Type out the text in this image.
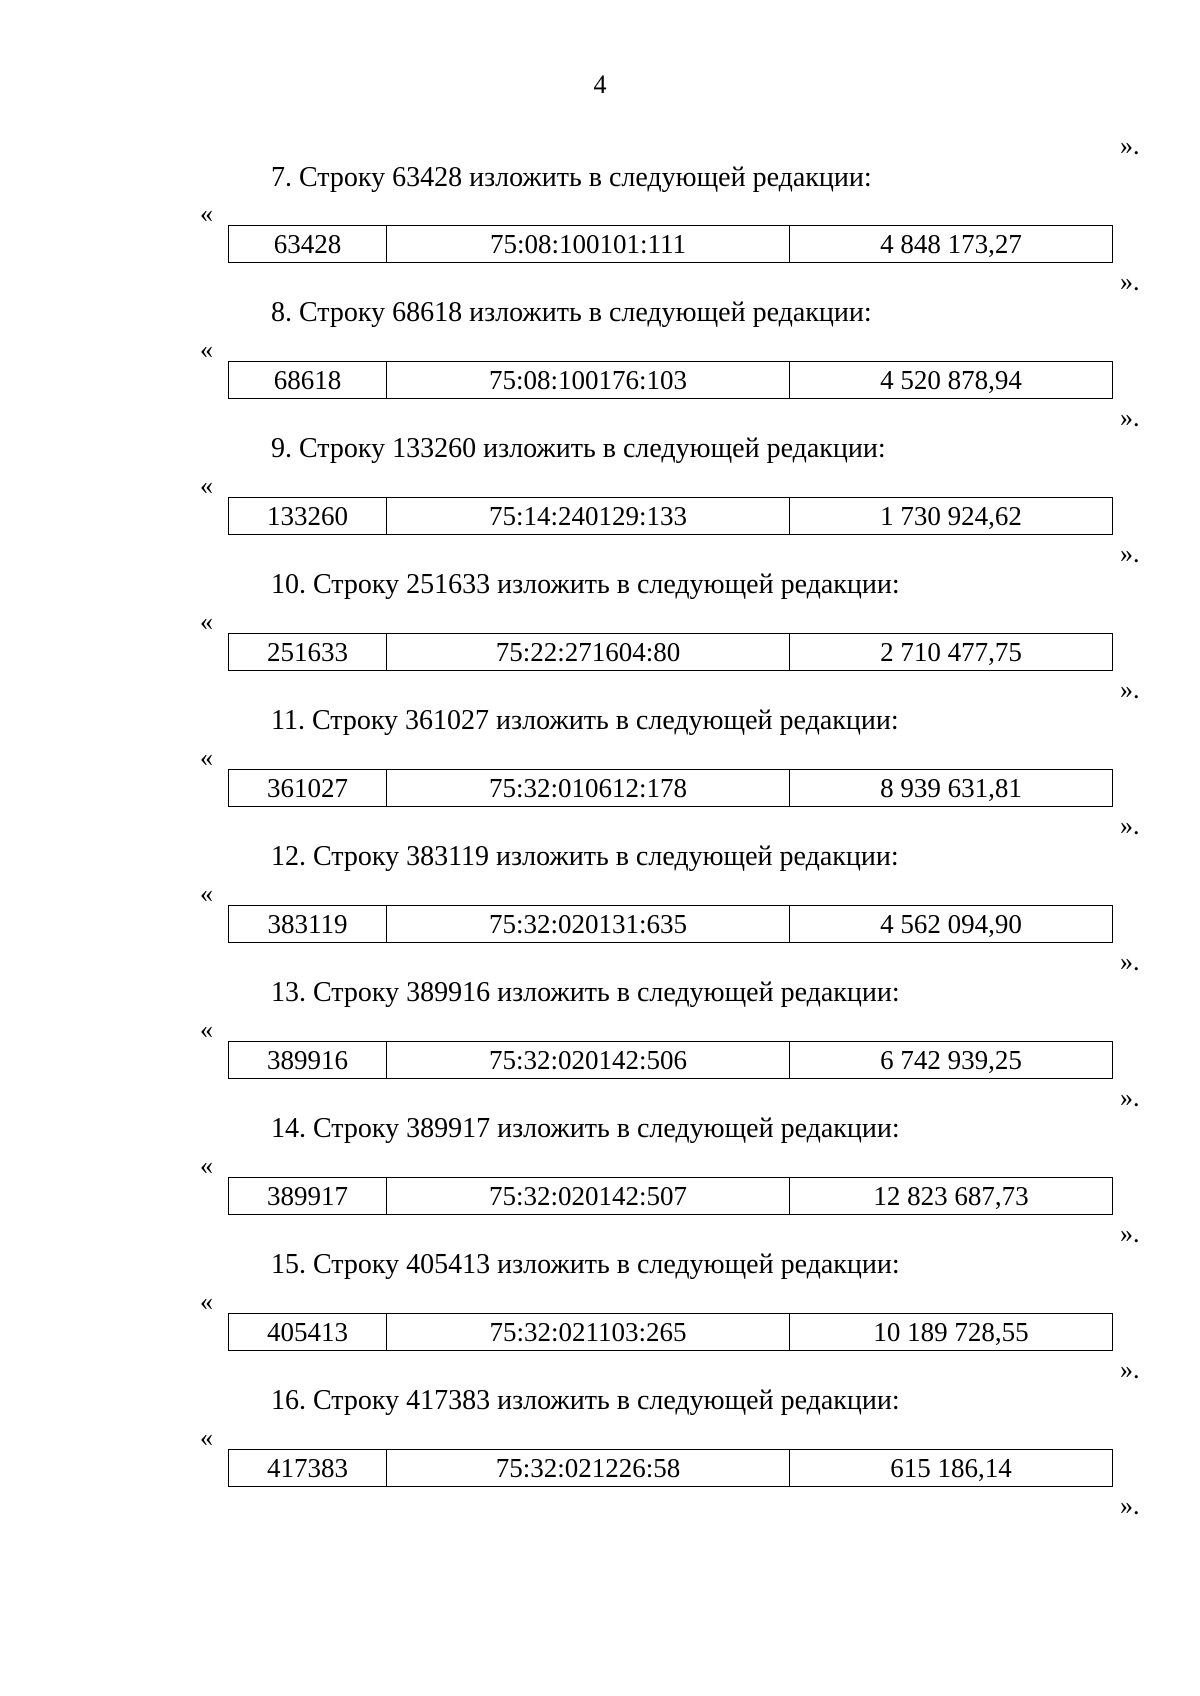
4
».
7. Строку 63428 изложить в следующей редакции:
«
63428	75:08:100101:111	4 848 173,27
».
8. Строку 68618 изложить в следующей редакции:
«
68618	75:08:100176:103	4 520 878,94
».
9. Строку 133260 изложить в следующей редакции:
«
133260	75:14:240129:133	1 730 924,62
».
10. Строку 251633 изложить в следующей редакции:
«
251633	75:22:271604:80	2 710 477,75
».
11. Строку 361027 изложить в следующей редакции:
«
361027	75:32:010612:178	8 939 631,81
».
12. Строку 383119 изложить в следующей редакции:
«
383119	75:32:020131:635	4 562 094,90
».
13. Строку 389916 изложить в следующей редакции:
«
389916	75:32:020142:506	6 742 939,25
».
14. Строку 389917 изложить в следующей редакции:
«
389917	75:32:020142:507	12 823 687,73
».
15. Строку 405413 изложить в следующей редакции:
«
405413	75:32:021103:265	10 189 728,55
».
16. Строку 417383 изложить в следующей редакции:
«
417383	75:32:021226:58	615 186,14
».
